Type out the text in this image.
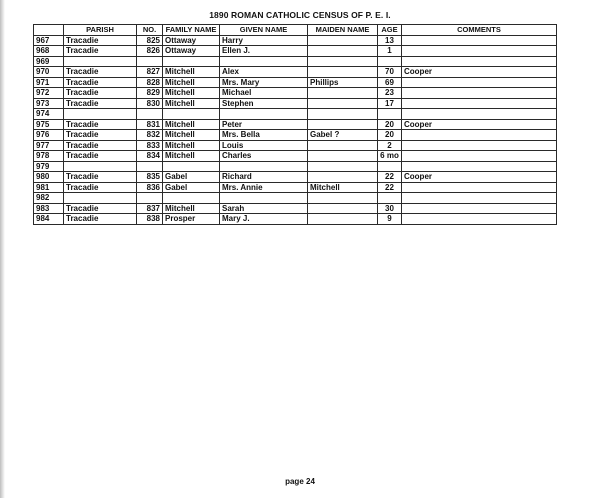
1890 ROMAN CATHOLIC CENSUS OF P. E. I.
	PARISH	NO.	FAMILY NAME	GIVEN NAME	MAIDEN NAME	AGE	COMMENTS
967	Tracadie	825	Ottaway	Harry		13	
968	Tracadie	826	Ottaway	Ellen J.		1	
969							
970	Tracadie	827	Mitchell	Alex		70	Cooper
971	Tracadie	828	Mitchell	Mrs. Mary	Phillips	69	
972	Tracadie	829	Mitchell	Michael		23	
973	Tracadie	830	Mitchell	Stephen		17	
974							
975	Tracadie	831	Mitchell	Peter		20	Cooper
976	Tracadie	832	Mitchell	Mrs. Bella	Gabel ?	20	
977	Tracadie	833	Mitchell	Louis		2	
978	Tracadie	834	Mitchell	Charles		6 mo	
979							
980	Tracadie	835	Gabel	Richard		22	Cooper
981	Tracadie	836	Gabel	Mrs. Annie	Mitchell	22	
982							
983	Tracadie	837	Mitchell	Sarah		30	
984	Tracadie	838	Prosper	Mary J.		9	
page 24
